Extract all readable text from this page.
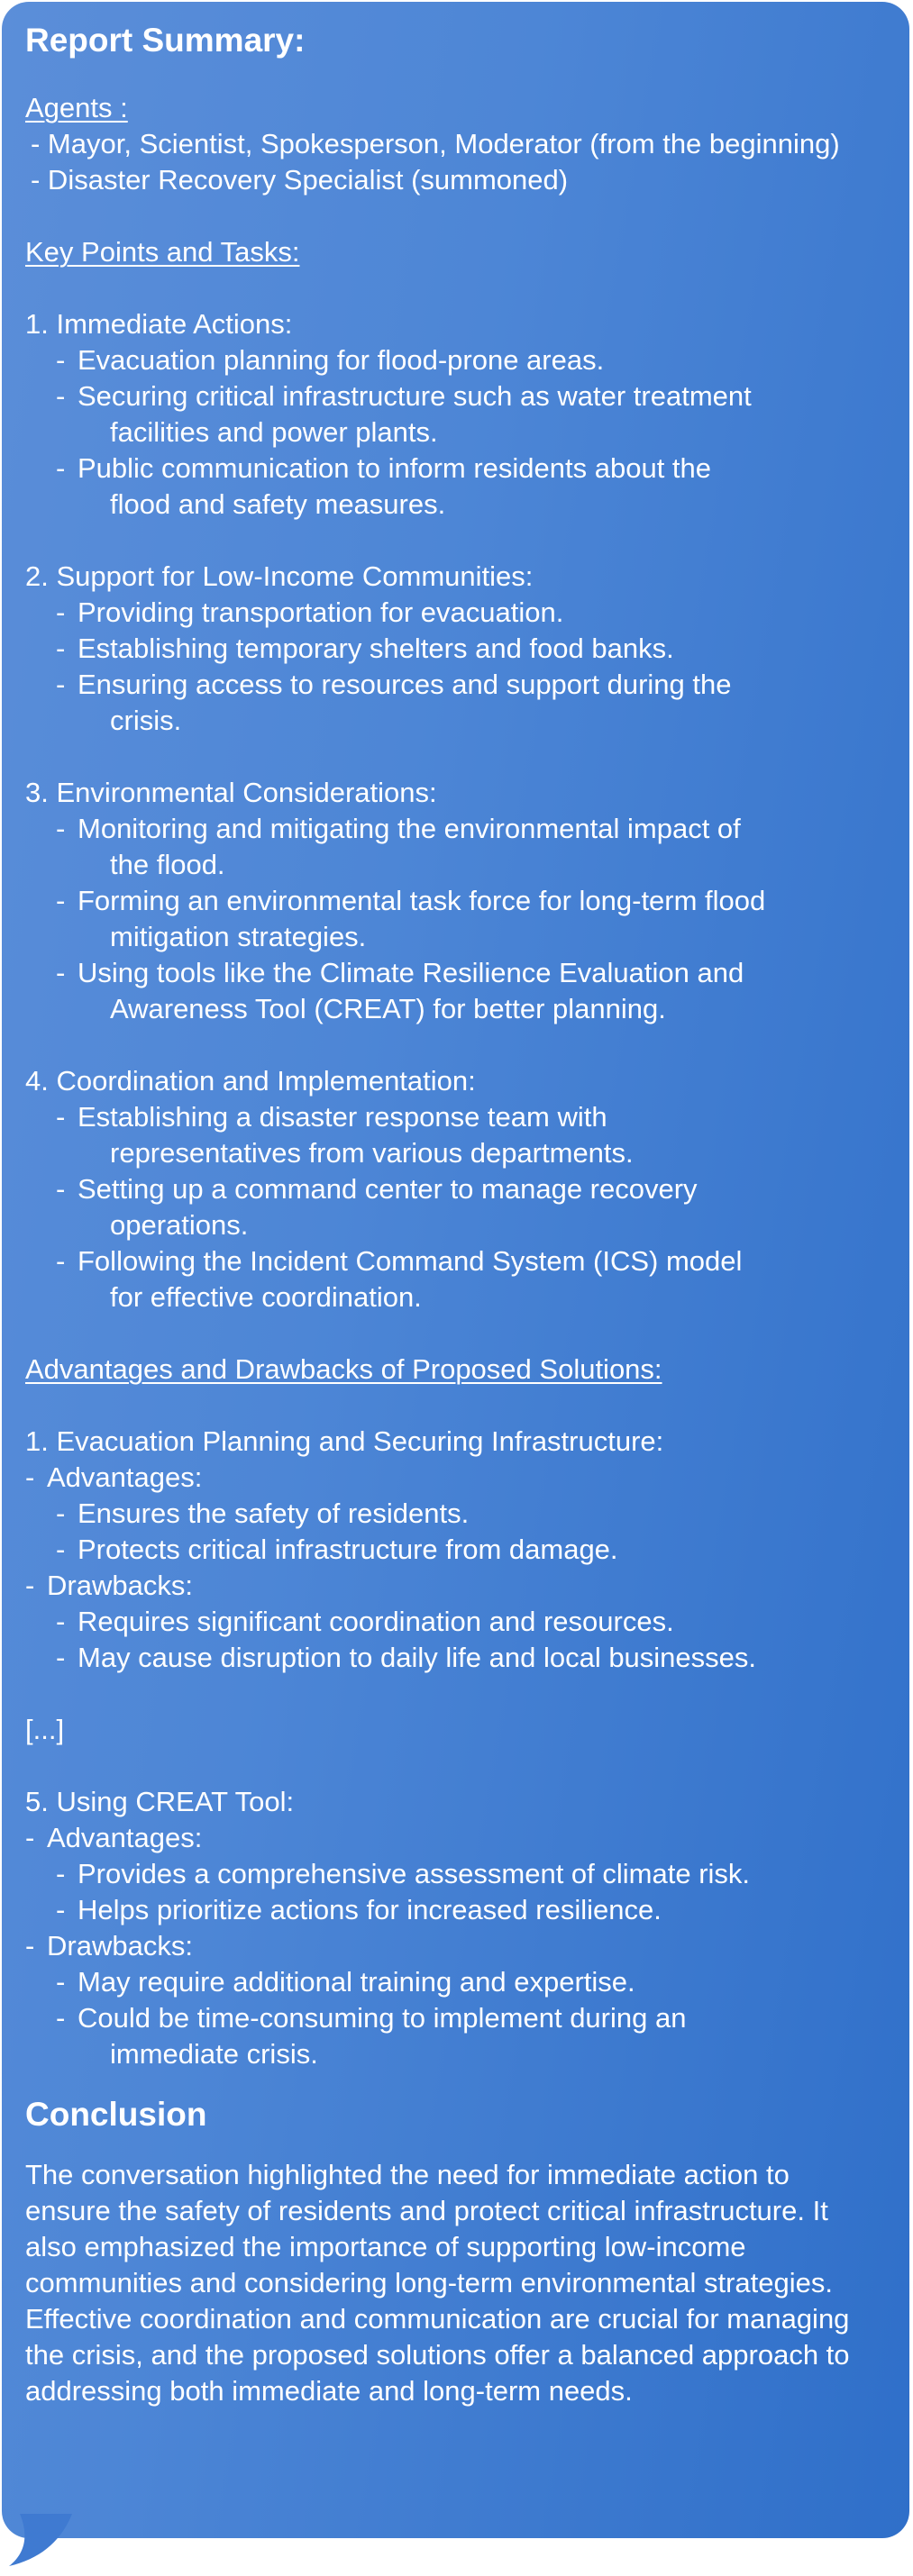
Report Summary:

Agents :

- Mayor, Scientist, Spokesperson, Moderator (from the beginning)

- Disaster Recovery Specialist (summoned)

Key Points and Tasks:

1. Immediate Actions:

- Evacuation planning for flood-prone areas.
- Securing critical infrastructure such as water treatment
facilities and power plants.
- Public communication to inform residents about the
flood and safety measures.

2. Support for Low-Income Communities:

- Providing transportation for evacuation.
- Establishing temporary shelters and food banks.
- Ensuring access to resources and support during the
crisis.

3. Environmental Considerations:

- Monitoring and mitigating the environmental impact of
the flood.
- Forming an environmental task force for long-term flood
mitigation strategies.
- Using tools like the Climate Resilience Evaluation and
Awareness Tool (CREAT) for better planning.

4. Coordination and Implementation:

- Establishing a disaster response team with
representatives from various departments.
- Setting up a command center to manage recovery
operations.
- Following the Incident Command System (ICS) model
for effective coordination.

Advantages and Drawbacks of Proposed Solutions:

1. Evacuation Planning and Securing Infrastructure:

- Advantages:
- Ensures the safety of residents.
- Protects critical infrastructure from damage.
- Drawbacks:
- Requires significant coordination and resources.
- May cause disruption to daily life and local businesses.

[...]

5. Using CREAT Tool:

- Advantages:
- Provides a comprehensive assessment of climate risk.
- Helps prioritize actions for increased resilience.
- Drawbacks:
- May require additional training and expertise.
- Could be time-consuming to implement during an
immediate crisis.

Conclusion

The conversation highlighted the need for immediate action to ensure the safety of residents and protect critical infrastructure. It also emphasized the importance of supporting low-income communities and considering long-term environmental strategies. Effective coordination and communication are crucial for managing the crisis, and the proposed solutions offer a balanced approach to addressing both immediate and long-term needs.
